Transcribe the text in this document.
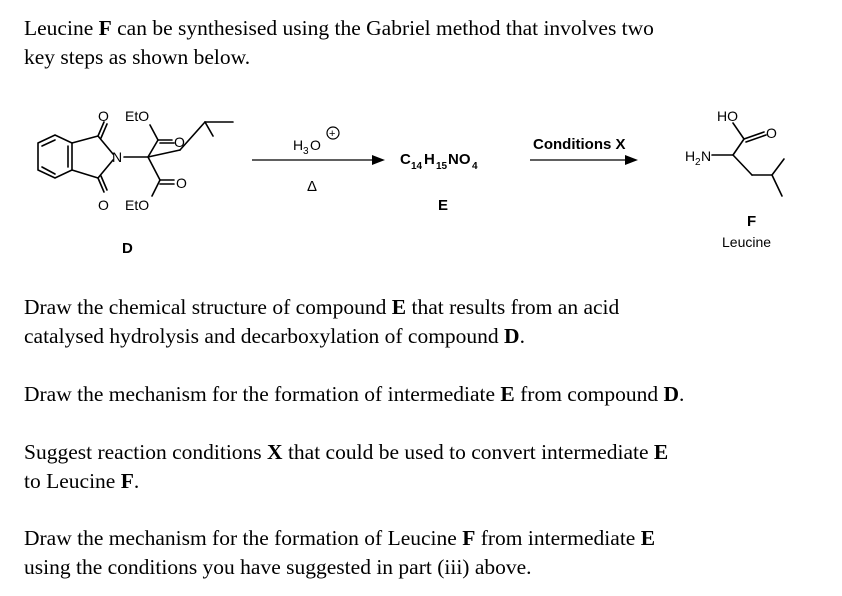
Leucine F can be synthesised using the Gabriel method that involves two
key steps as shown below.

O EtO
O
N
O
O EtO
D
H 3 O
+
Δ
C 14 H 15 NO 4
E
Conditions X
HO
O
H 2 N
F
Leucine

Draw the chemical structure of compound E that results from an acid
catalysed hydrolysis and decarboxylation of compound D.

Draw the mechanism for the formation of intermediate E from compound D.

Suggest reaction conditions X that could be used to convert intermediate E
to Leucine F.

Draw the mechanism for the formation of Leucine F from intermediate E
using the conditions you have suggested in part (iii) above.
